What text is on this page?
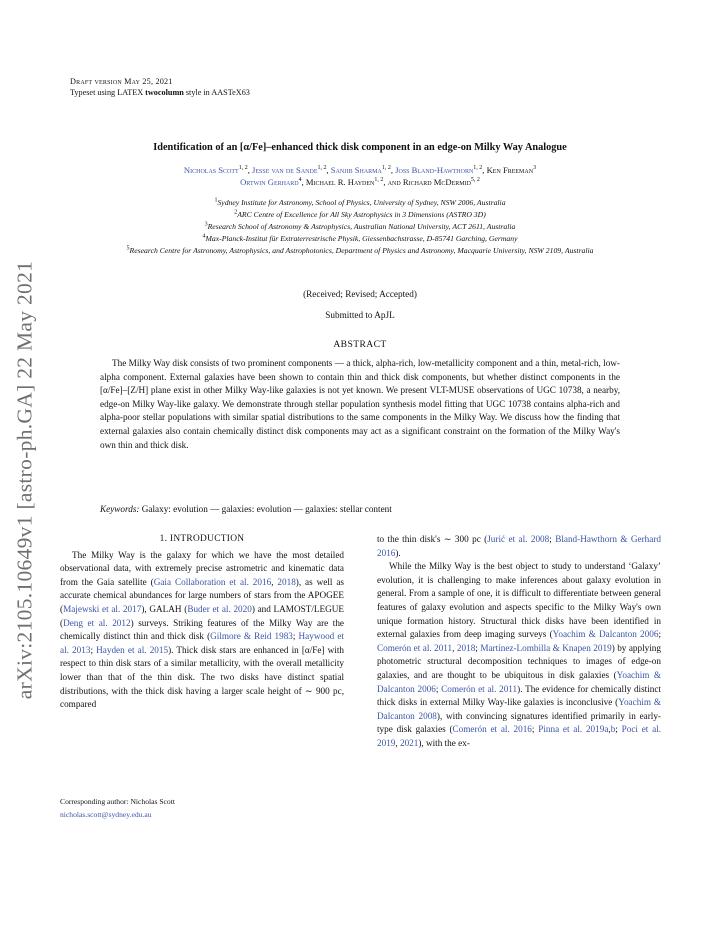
arXiv:2105.10649v1 [astro-ph.GA] 22 May 2021
Draft version May 25, 2021
Typeset using LATEX twocolumn style in AASTeX63
Identification of an [α/Fe]–enhanced thick disk component in an edge-on Milky Way Analogue
Nicholas Scott$^{1, 2}$, Jesse van de Sande$^{1, 2}$, Sanjib Sharma$^{1, 2}$, Joss Bland-Hawthorn$^{1, 2}$, Ken Freeman$^3$
Ortwin Gerhard$^4$, Michael R. Hayden$^{1, 2}$, and Richard McDermid$^{5, 2}$
$^1$Sydney Institute for Astronomy, School of Physics, University of Sydney, NSW 2006, Australia
$^2$ARC Centre of Excellence for All Sky Astrophysics in 3 Dimensions (ASTRO 3D)
$^3$Research School of Astronomy & Astrophysics, Australian National University, ACT 2611, Australia
$^4$Max-Planck-Institut für Extraterrestrische Physik, Giessenbachstrasse, D-85741 Garching, Germany
$^5$Research Centre for Astronomy, Astrophysics, and Astrophotonics, Department of Physics and Astronomy, Macquarie University, NSW 2109, Australia
(Received; Revised; Accepted)
Submitted to ApJL
ABSTRACT
The Milky Way disk consists of two prominent components — a thick, alpha-rich, low-metallicity component and a thin, metal-rich, low-alpha component. External galaxies have been shown to contain thin and thick disk components, but whether distinct components in the [α/Fe]–[Z/H] plane exist in other Milky Way-like galaxies is not yet known. We present VLT-MUSE observations of UGC 10738, a nearby, edge-on Milky Way-like galaxy. We demonstrate through stellar population synthesis model fitting that UGC 10738 contains alpha-rich and alpha-poor stellar populations with similar spatial distributions to the same components in the Milky Way. We discuss how the finding that external galaxies also contain chemically distinct disk components may act as a significant constraint on the formation of the Milky Way's own thin and thick disk.
Keywords: Galaxy: evolution — galaxies: evolution — galaxies: stellar content
1. INTRODUCTION

The Milky Way is the galaxy for which we have the most detailed observational data, with extremely precise astrometric and kinematic data from the Gaia satellite (Gaia Collaboration et al. 2016, 2018), as well as accurate chemical abundances for large numbers of stars from the APOGEE (Majewski et al. 2017), GALAH (Buder et al. 2020) and LAMOST/LEGUE (Deng et al. 2012) surveys. Striking features of the Milky Way are the chemically distinct thin and thick disk (Gilmore & Reid 1983; Haywood et al. 2013; Hayden et al. 2015). Thick disk stars are enhanced in [α/Fe] with respect to thin disk stars of a similar metallicity, with the overall metallicity lower than that of the thin disk. The two disks have distinct spatial distributions, with the thick disk having a larger scale height of ∼ 900 pc, compared

to the thin disk's ∼ 300 pc (Jurić et al. 2008; Bland-Hawthorn & Gerhard 2016).

While the Milky Way is the best object to study to understand ‘Galaxy’ evolution, it is challenging to make inferences about galaxy evolution in general. From a sample of one, it is difficult to differentiate between general features of galaxy evolution and aspects specific to the Milky Way's own unique formation history. Structural thick disks have been identified in external galaxies from deep imaging surveys (Yoachim & Dalcanton 2006; Comerón et al. 2011, 2018; Martínez-Lombilla & Knapen 2019) by applying photometric structural decomposition techniques to images of edge-on galaxies, and are thought to be ubiquitous in disk galaxies (Yoachim & Dalcanton 2006; Comerón et al. 2011). The evidence for chemically distinct thick disks in external Milky Way-like galaxies is inconclusive (Yoachim & Dalcanton 2008), with convincing signatures identified primarily in early-type disk galaxies (Comerón et al. 2016; Pinna et al. 2019a,b; Poci et al. 2019, 2021), with the ex-

Corresponding author: Nicholas Scott
nicholas.scott@sydney.edu.au
